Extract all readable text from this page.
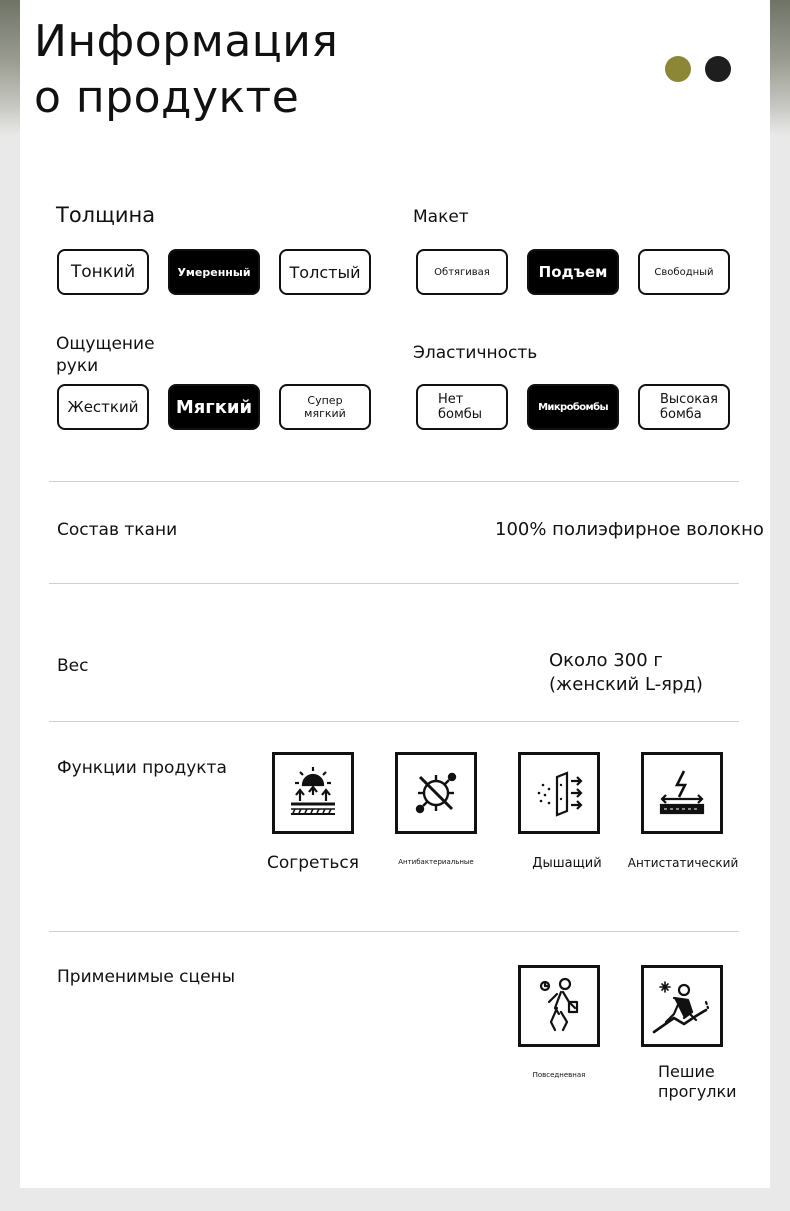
Информация
о продукте
Толщина
Тонкий	Умеренный	Толстый
Макет
Обтягивая	Подъем	Свободный
Ощущение
руки
Жесткий	Мягкий	Супер мягкий
Эластичность
Нет
бомбы	Микробомбы	Высокая
бомба
Состав ткани	100% полиэфирное волокно
Вес	Около 300 г
(женский L-ярд)
Функции продукта
Согреться	Антибактериальные	Дышащий	Антистатический
Применимые сцены
Повседневная	Пешие
прогулки
